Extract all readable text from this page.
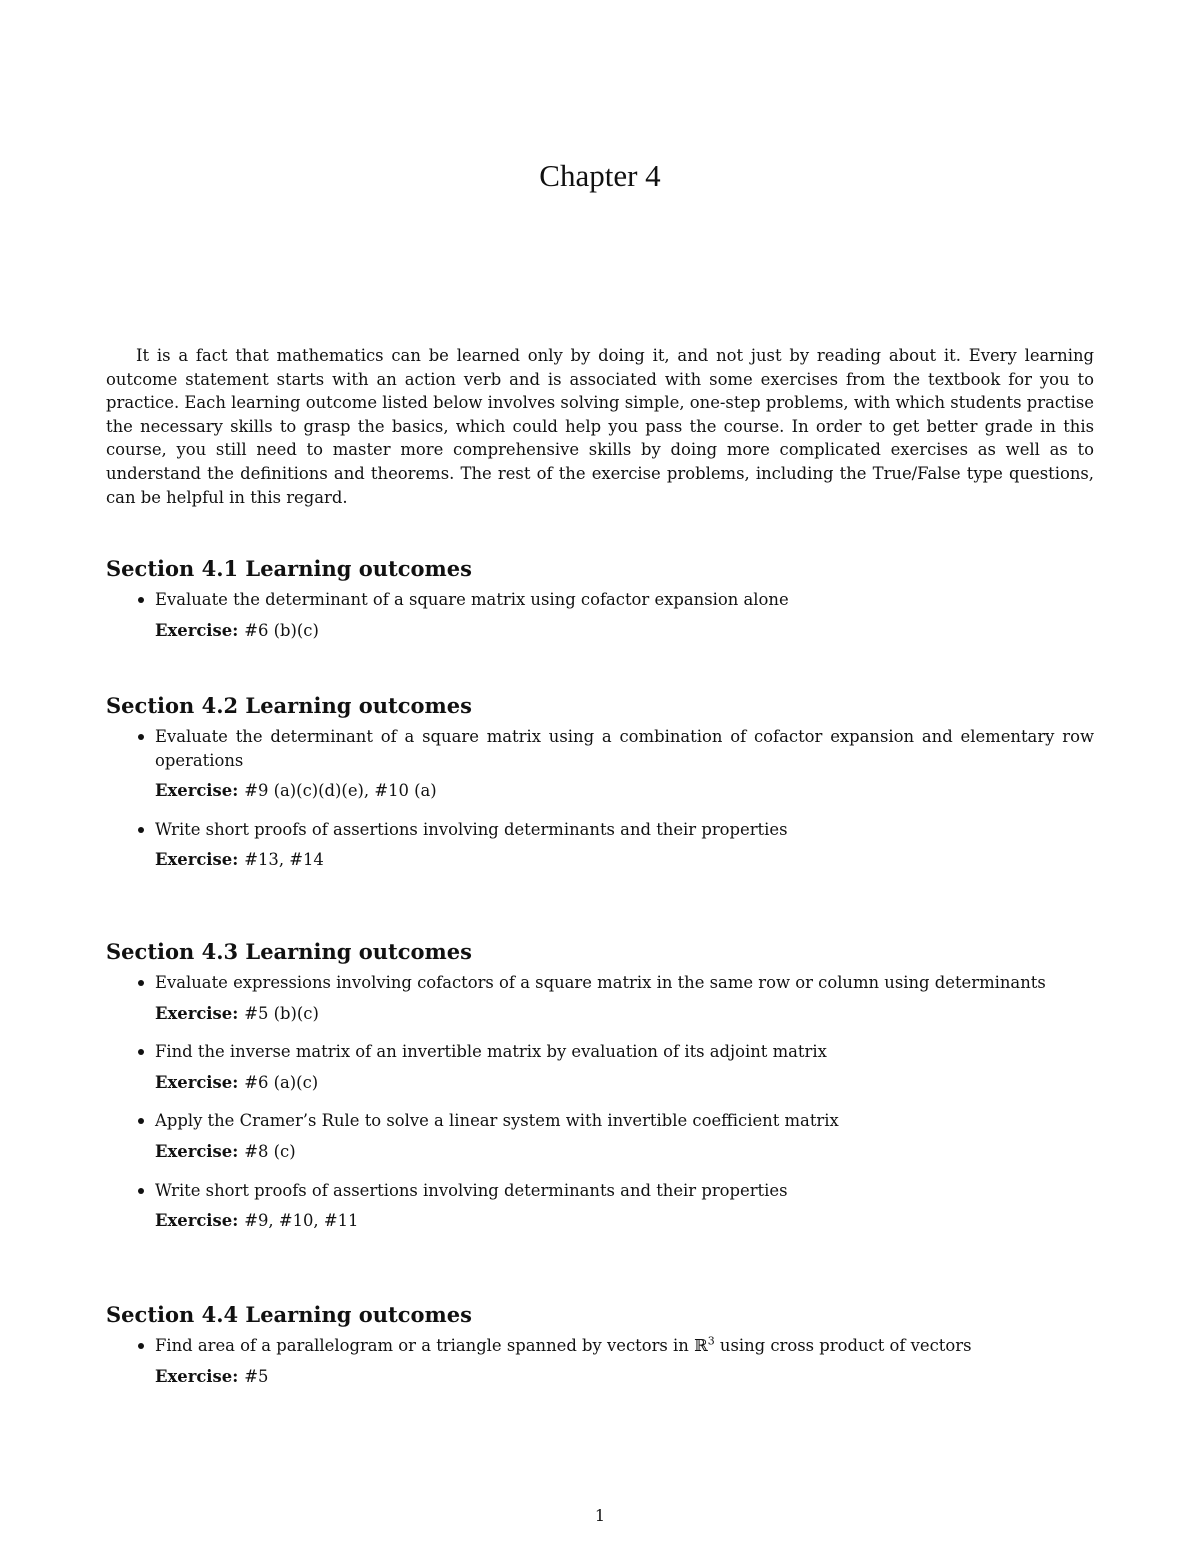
Chapter 4

It is a fact that mathematics can be learned only by doing it, and not just by reading about it. Every learning outcome statement starts with an action verb and is associated with some exercises from the textbook for you to practice. Each learning outcome listed below involves solving simple, one-step problems, with which students practise the necessary skills to grasp the basics, which could help you pass the course. In order to get better grade in this course, you still need to master more comprehensive skills by doing more complicated exercises as well as to understand the definitions and theorems. The rest of the exercise problems, including the True/False type questions, can be helpful in this regard.

Section 4.1 Learning outcomes

Evaluate the determinant of a square matrix using cofactor expansion alone

Exercise: #6 (b)(c)
Section 4.2 Learning outcomes

Evaluate the determinant of a square matrix using a combination of cofactor expansion and elementary row operations

Exercise: #9 (a)(c)(d)(e), #10 (a)

Write short proofs of assertions involving determinants and their properties

Exercise: #13, #14
Section 4.3 Learning outcomes

Evaluate expressions involving cofactors of a square matrix in the same row or column using determinants

Exercise: #5 (b)(c)

Find the inverse matrix of an invertible matrix by evaluation of its adjoint matrix

Exercise: #6 (a)(c)

Apply the Cramer’s Rule to solve a linear system with invertible coefficient matrix

Exercise: #8 (c)

Write short proofs of assertions involving determinants and their properties

Exercise: #9, #10, #11
Section 4.4 Learning outcomes

Find area of a parallelogram or a triangle spanned by vectors in ℝ$^3$ using cross product of vectors

Exercise: #5
1
